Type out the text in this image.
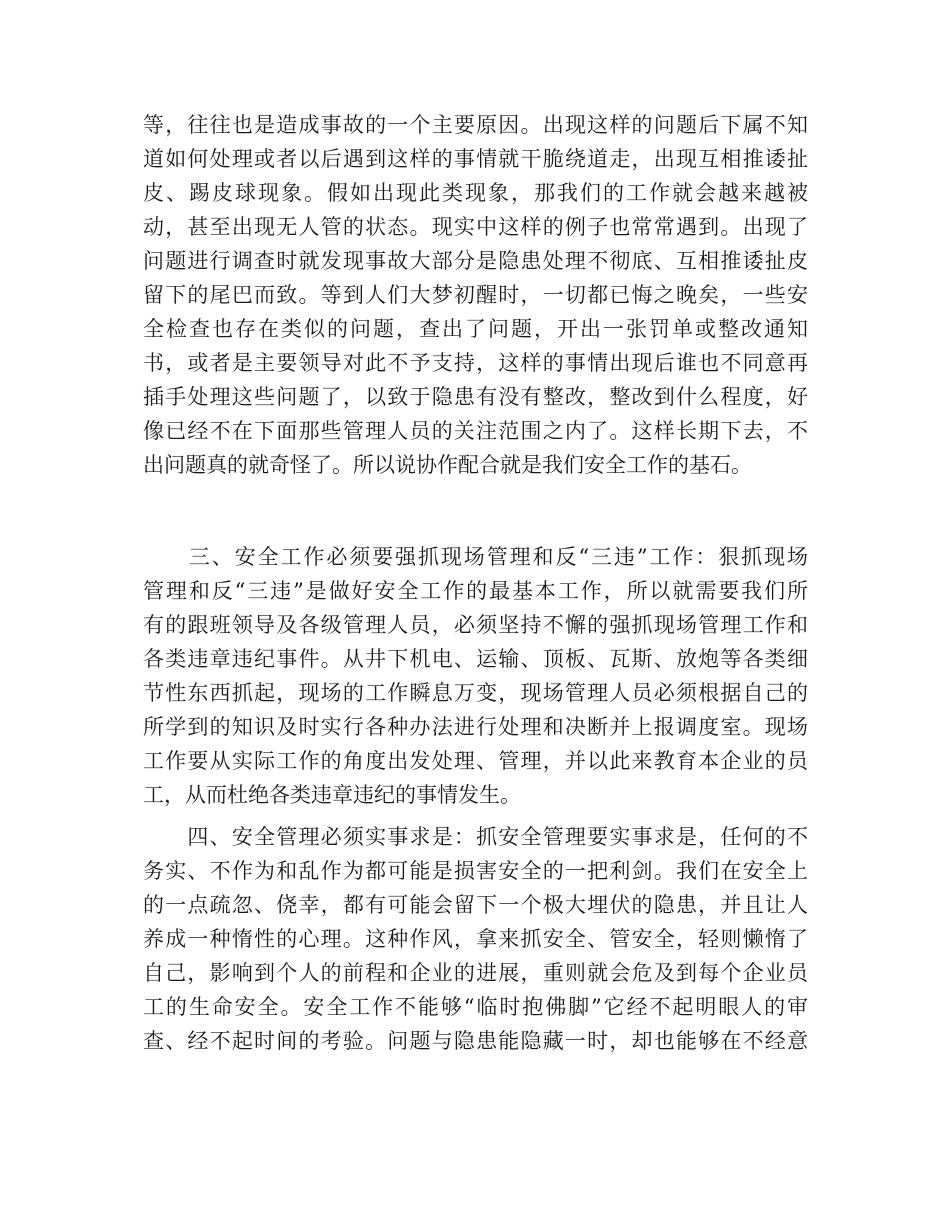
等，往往也是造成事故的一个主要原因。出现这样的问题后下属不知
道如何处理或者以后遇到这样的事情就干脆绕道走，出现互相推诿扯
皮、踢皮球现象。假如出现此类现象，那我们的工作就会越来越被
动，甚至出现无人管的状态。现实中这样的例子也常常遇到。出现了
问题进行调查时就发现事故大部分是隐患处理不彻底、互相推诿扯皮
留下的尾巴而致。等到人们大梦初醒时，一切都已悔之晚矣，一些安
全检查也存在类似的问题，查出了问题，开出一张罚单或整改通知
书，或者是主要领导对此不予支持，这样的事情出现后谁也不同意再
插手处理这些问题了，以致于隐患有没有整改，整改到什么程度，好
像已经不在下面那些管理人员的关注范围之内了。这样长期下去，不
出问题真的就奇怪了。所以说协作配合就是我们安全工作的基石。
　　三、安全工作必须要强抓现场管理和反“三违”工作：狠抓现场
管理和反“三违”是做好安全工作的最基本工作，所以就需要我们所
有的跟班领导及各级管理人员，必须坚持不懈的强抓现场管理工作和
各类违章违纪事件。从井下机电、运输、顶板、瓦斯、放炮等各类细
节性东西抓起，现场的工作瞬息万变，现场管理人员必须根据自己的
所学到的知识及时实行各种办法进行处理和决断并上报调度室。现场
工作要从实际工作的角度出发处理、管理，并以此来教育本企业的员
工，从而杜绝各类违章违纪的事情发生。
　　四、安全管理必须实事求是：抓安全管理要实事求是，任何的不
务实、不作为和乱作为都可能是损害安全的一把利剑。我们在安全上
的一点疏忽、侥幸，都有可能会留下一个极大埋伏的隐患，并且让人
养成一种惰性的心理。这种作风，拿来抓安全、管安全，轻则懒惰了
自己，影响到个人的前程和企业的进展，重则就会危及到每个企业员
工的生命安全。安全工作不能够“临时抱佛脚”它经不起明眼人的审
查、经不起时间的考验。问题与隐患能隐藏一时，却也能够在不经意
